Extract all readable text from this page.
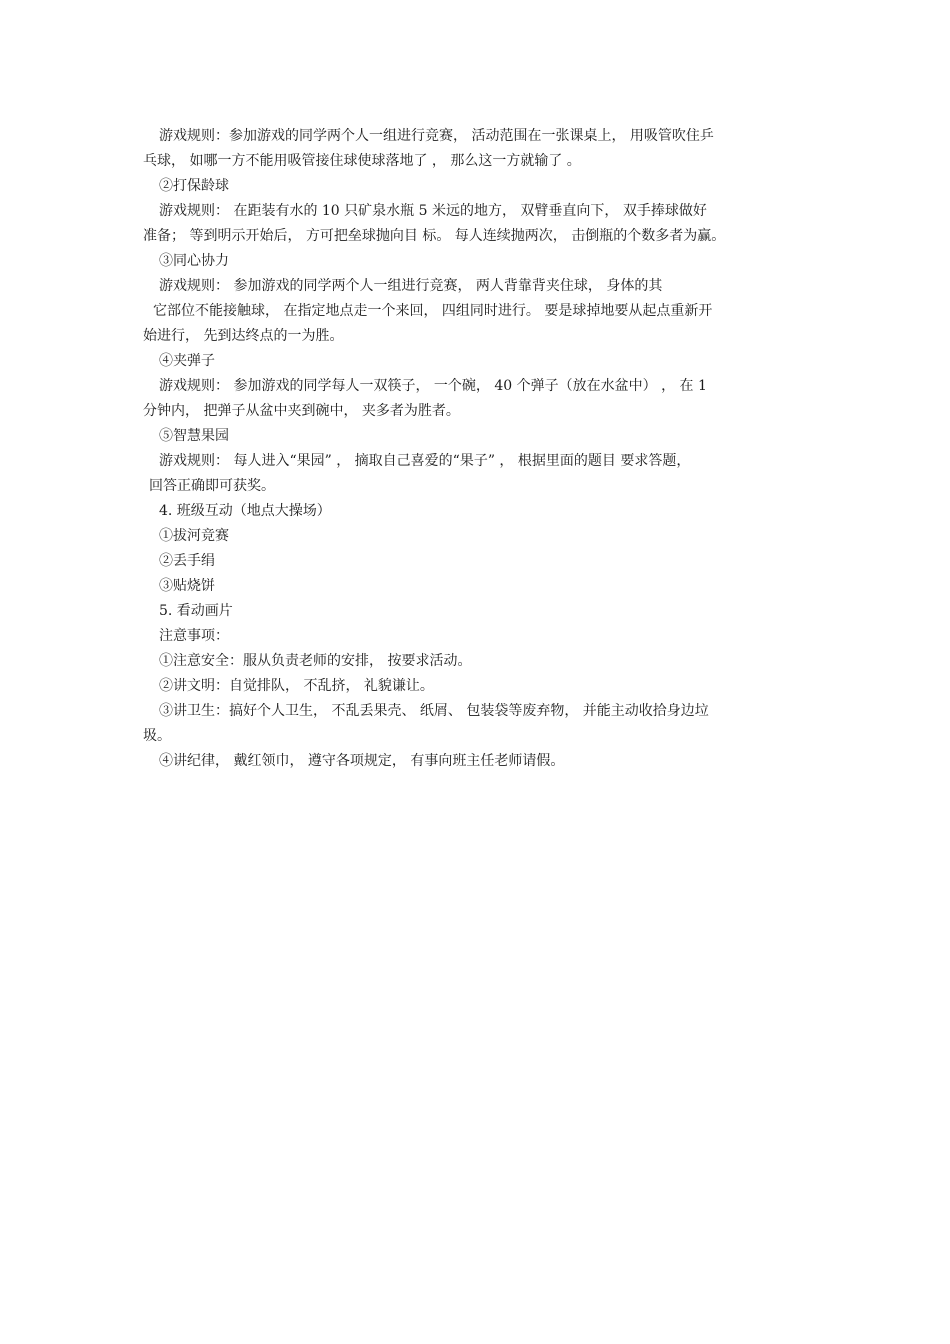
游戏规则：参加游戏的同学两个人一组进行竞赛， 活动范围在一张课桌上， 用吸管吹住乒
乓球， 如哪一方不能用吸管接住球使球落地了 ， 那么这一方就输了 。
②打保龄球
游戏规则： 在距装有水的 10 只矿泉水瓶 5 米远的地方， 双臂垂直向下， 双手捧球做好
准备； 等到明示开始后， 方可把垒球抛向目 标。 每人连续抛两次， 击倒瓶的个数多者为赢。
③同心协力
游戏规则： 参加游戏的同学两个人一组进行竞赛， 两人背靠背夹住球， 身体的其
它部位不能接触球， 在指定地点走一个来回， 四组同时进行。 要是球掉地要从起点重新开
始进行， 先到达终点的一为胜。
④夹弹子
游戏规则： 参加游戏的同学每人一双筷子， 一个碗， 40 个弹子（放在水盆中） ， 在 1
分钟内， 把弹子从盆中夹到碗中， 夹多者为胜者。
⑤智慧果园
游戏规则： 每人进入“果园” ， 摘取自己喜爱的“果子” ， 根据里面的题目 要求答题，
回答正确即可获奖。
4. 班级互动（地点大操场）
①拔河竞赛
②丢手绢
③贴烧饼
5. 看动画片
注意事项：
①注意安全：服从负责老师的安排， 按要求活动。
②讲文明：自觉排队， 不乱挤， 礼貌谦让。
③讲卫生：搞好个人卫生， 不乱丢果壳、 纸屑、 包装袋等废弃物， 并能主动收拾身边垃
圾。
④讲纪律， 戴红领巾， 遵守各项规定， 有事向班主任老师请假。
